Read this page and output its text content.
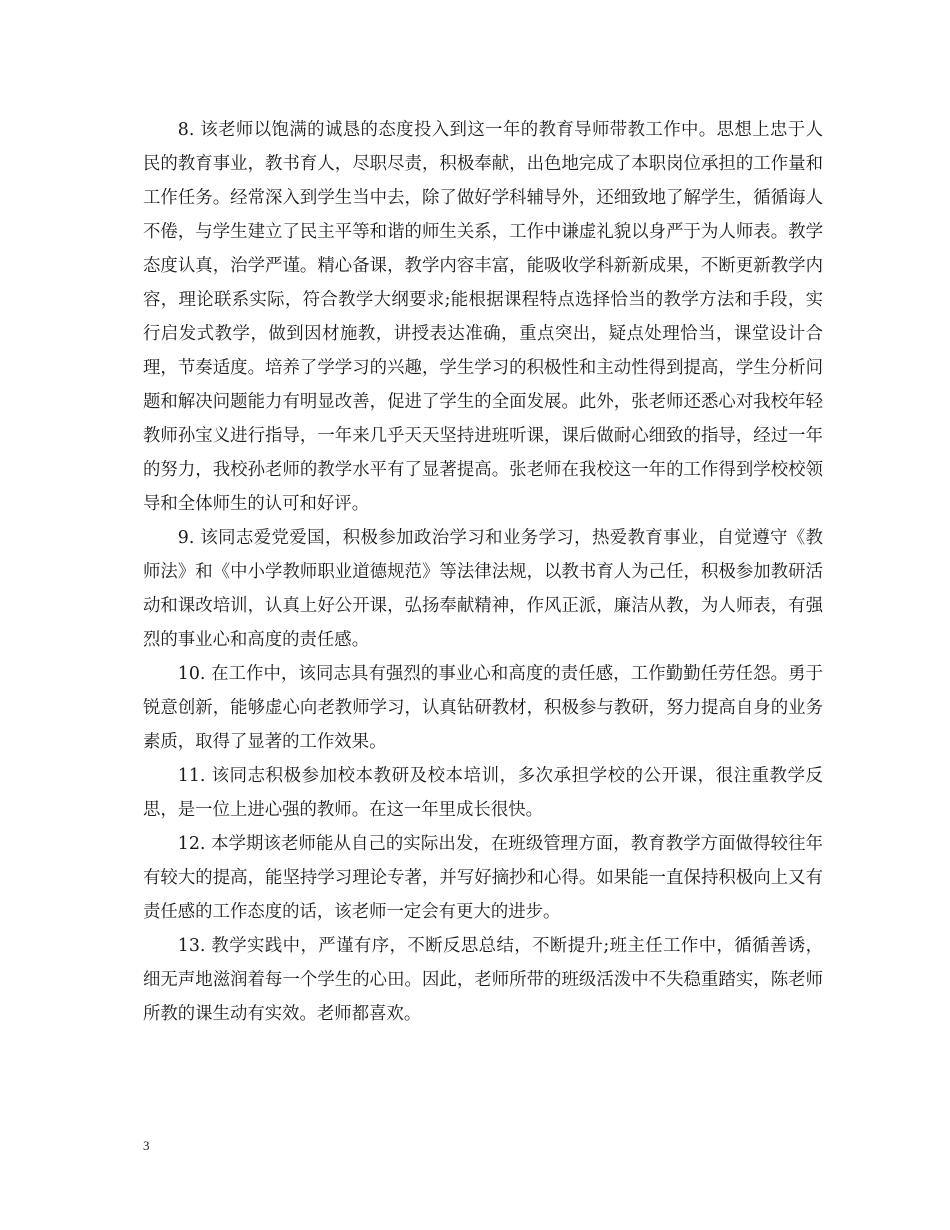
8. 该老师以饱满的诚恳的态度投入到这一年的教育导师带教工作中。思想上忠于人民的教育事业，教书育人，尽职尽责，积极奉献，出色地完成了本职岗位承担的工作量和工作任务。经常深入到学生当中去，除了做好学科辅导外，还细致地了解学生，循循诲人不倦，与学生建立了民主平等和谐的师生关系，工作中谦虚礼貌以身严于为人师表。教学态度认真，治学严谨。精心备课，教学内容丰富，能吸收学科新新成果，不断更新教学内容，理论联系实际，符合教学大纲要求;能根据课程特点选择恰当的教学方法和手段，实行启发式教学，做到因材施教，讲授表达准确，重点突出，疑点处理恰当，课堂设计合理，节奏适度。培养了学学习的兴趣，学生学习的积极性和主动性得到提高，学生分析问题和解决问题能力有明显改善，促进了学生的全面发展。此外，张老师还悉心对我校年轻教师孙宝义进行指导，一年来几乎天天坚持进班听课，课后做耐心细致的指导，经过一年的努力，我校孙老师的教学水平有了显著提高。张老师在我校这一年的工作得到学校校领导和全体师生的认可和好评。

9. 该同志爱党爱国，积极参加政治学习和业务学习，热爱教育事业，自觉遵守《教师法》和《中小学教师职业道德规范》等法律法规，以教书育人为己任，积极参加教研活动和课改培训，认真上好公开课，弘扬奉献精神，作风正派，廉洁从教，为人师表，有强烈的事业心和高度的责任感。

10. 在工作中，该同志具有强烈的事业心和高度的责任感，工作勤勤任劳任怨。勇于锐意创新，能够虚心向老教师学习，认真钻研教材，积极参与教研，努力提高自身的业务素质，取得了显著的工作效果。

11. 该同志积极参加校本教研及校本培训，多次承担学校的公开课，很注重教学反思，是一位上进心强的教师。在这一年里成长很快。

12. 本学期该老师能从自己的实际出发，在班级管理方面，教育教学方面做得较往年有较大的提高，能坚持学习理论专著，并写好摘抄和心得。如果能一直保持积极向上又有责任感的工作态度的话，该老师一定会有更大的进步。

13. 教学实践中，严谨有序，不断反思总结，不断提升;班主任工作中，循循善诱，细无声地滋润着每一个学生的心田。因此，老师所带的班级活泼中不失稳重踏实，陈老师所教的课生动有实效。老师都喜欢。

3
